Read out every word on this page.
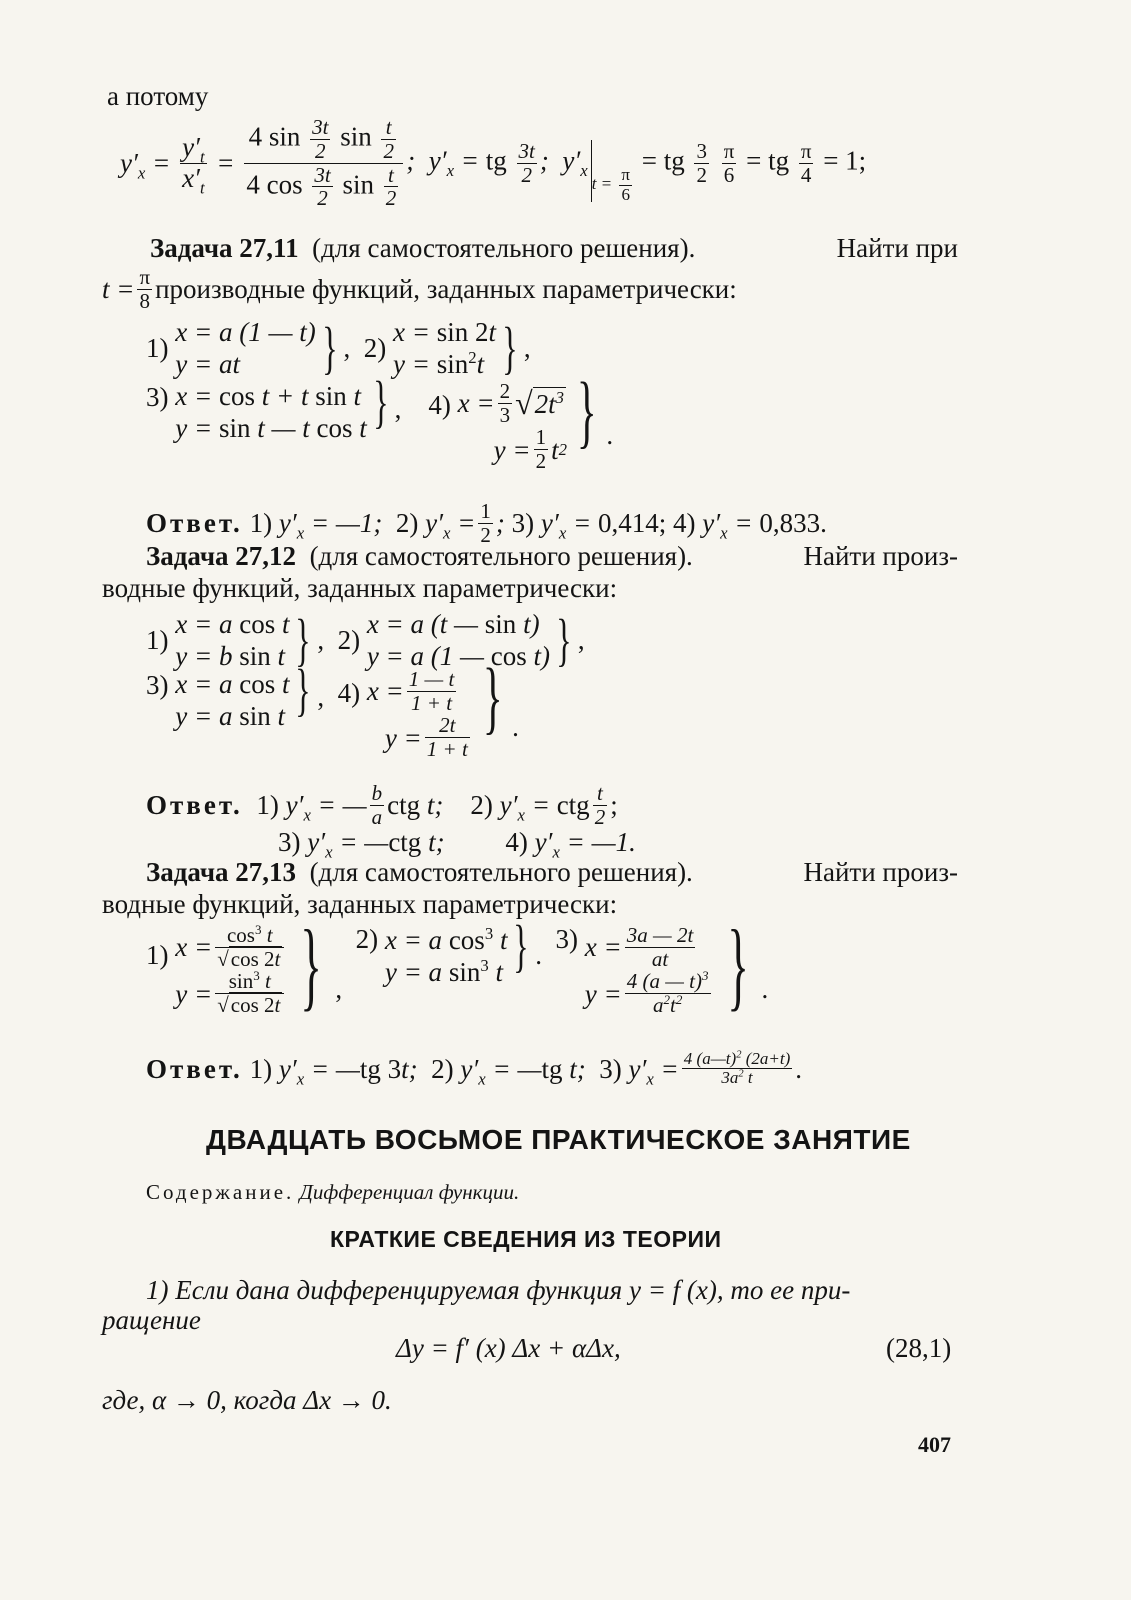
а потому
$y'_x = \frac{y'_t}{x'_t} = \frac{4 \sin \frac{3t}{2} \sin \frac{t}{2}}{4 \cos \frac{3t}{2} \sin \frac{t}{2}}$ ;  $y'_x$ = tg $\frac{3t}{2}$ ;  $y'_x$
$t = \frac{\pi}{6}$
= tg $\frac{3}{2}$
$\frac{\pi}{6}$ = tg $\frac{\pi}{4} = 1$;
Задача 27,11 (для самостоятельного решения).	Найти при
$t = \frac{\pi}{8}$ производные функций, заданных параметрически:
1)
x = a (1 — t)
y = at	} , 2)
x = sin 2t
$y = \sin^2t$ } ,
3) x = cos t + t sin t
y = sin t — t cos t } , 4) $x = \frac{2}{3}$ √ $2t^3$
$y = \frac{1}{2}$ t 2 } .
Ответ. 1) $y'_x$ = —1;  2) $y'_x = \frac{1}{2}$ ; 3) $y'_x = 0,414$; 4) $y'_x = 0,833$.
Задача 27,12 (для самостоятельного решения).	Найти произ-
водные функций, заданных параметрически:
1)
x = a cos t
y = b sin t } , 2)
x = a (t — sin t)
y = a (1 — cos t) } ,
3) x = a cos t
y = a sin t } , 4) $x = \frac{1 — t}{1 + t}$
$y = \frac{2t}{1 + t}$ } .
Ответ. 1) $y'_x$ = — $\frac{b}{a}$ ctg t;    2) $y'_x$ = ctg $\frac{t}{2}$ ;
3) $y'_x$ = —ctg t;         4) $y'_x$ = —1.
Задача 27,13 (для самостоятельного решения).	Найти произ-
водные функций, заданных параметрически:
1) $x = \frac{\cos^3 t}{√\cos 2t}$
$y = \frac{\sin^3 t}{√\cos 2t}$ } ,
2) x = a $\cos^3 t$
y = a $\sin^3 t$ } .
3) $x = \frac{3a — 2t}{at}$
$y = \frac{4 (a — t)^3}{a^2t^2}$ } .
Ответ. 1) $y'_x$ = —tg 3t;  2) $y'_x$ = —tg t;  3) $y'_x = \frac{4 (a—t)^2 (2a+t)}{3a^2 t}$ .
ДВАДЦАТЬ ВОСЬМОЕ ПРАКТИЧЕСКОЕ ЗАНЯТИЕ
Содержание. Дифференциал функции.
КРАТКИЕ СВЕДЕНИЯ ИЗ ТЕОРИИ
1) Если дана дифференцируемая функция y = f (x), то ее при-
ращение
Δy = f′ (x) Δx + αΔx,	(28,1)
где, α → 0, когда Δx → 0.
407
